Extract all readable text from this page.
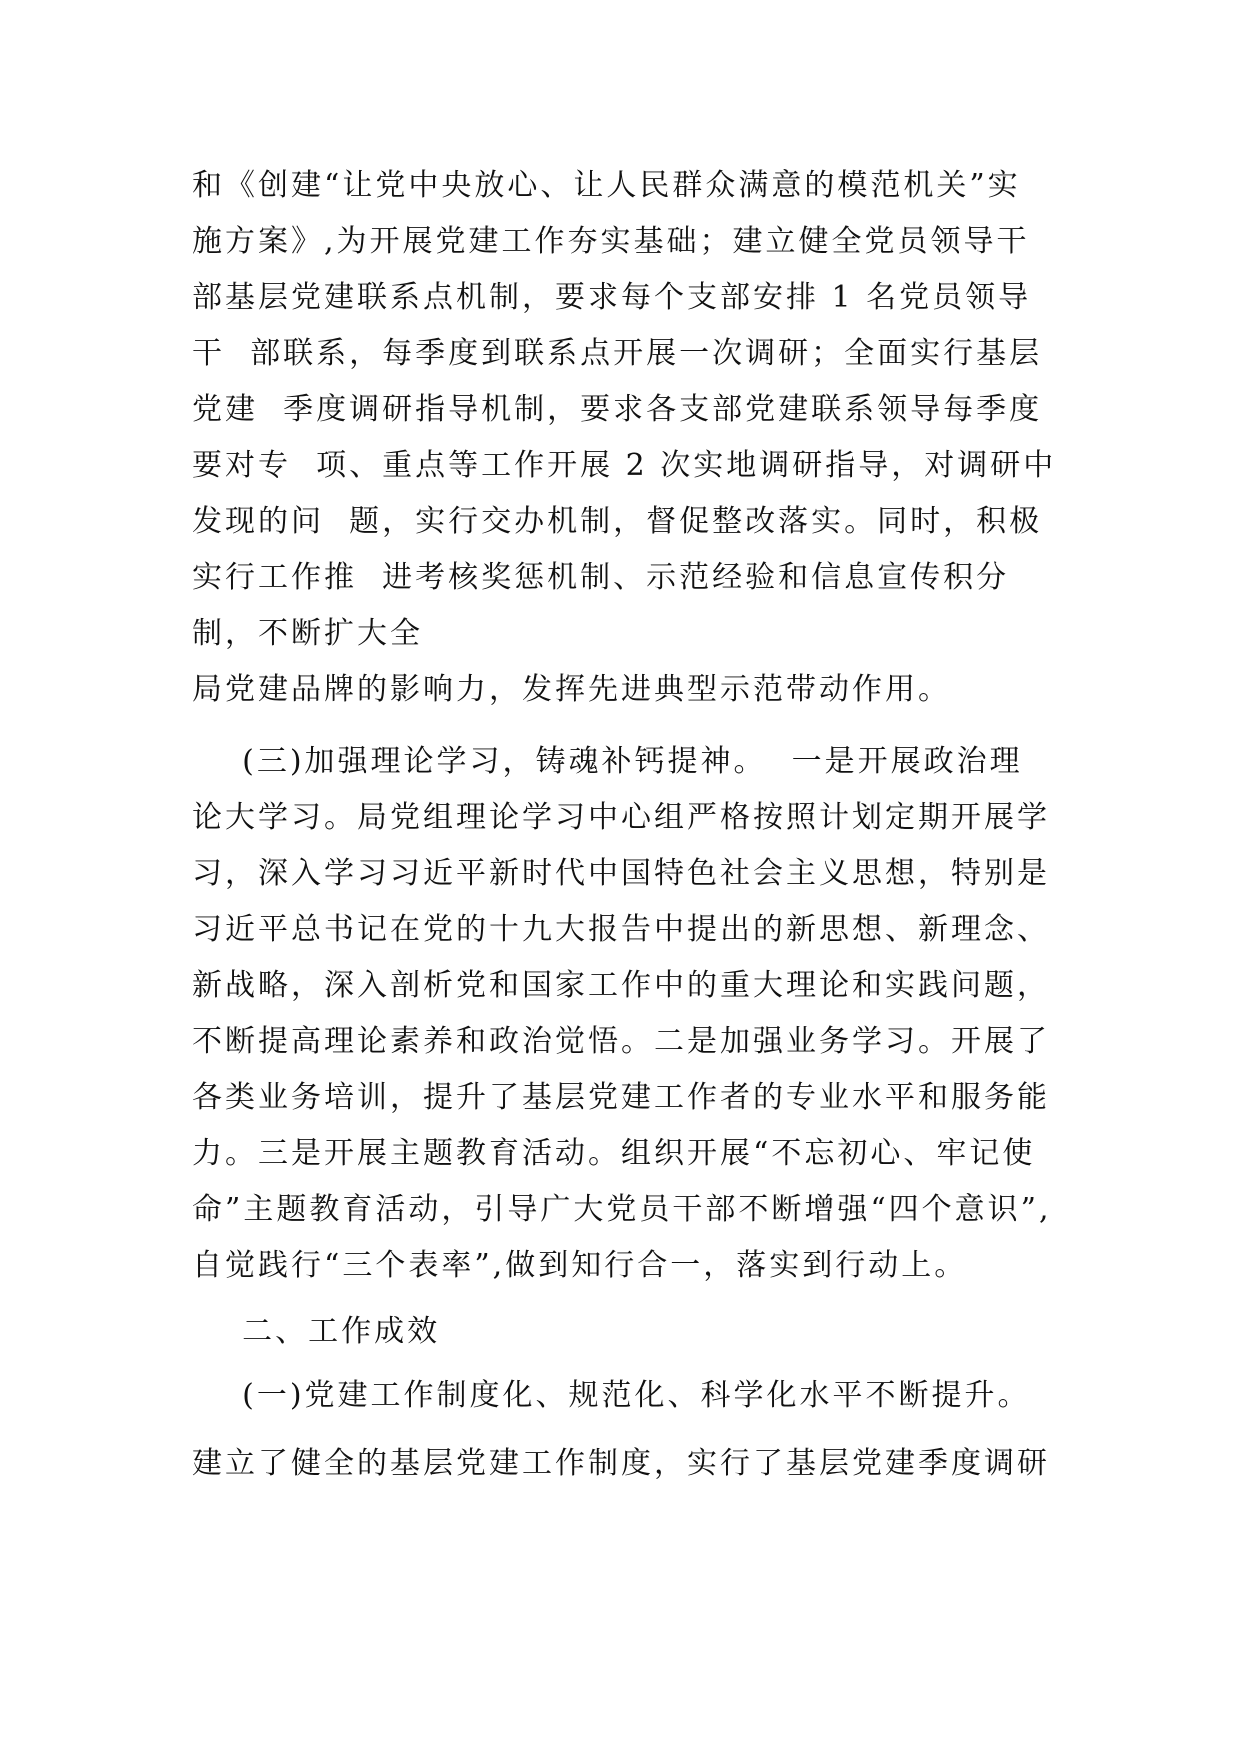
和《创建“让党中央放心、让人民群众满意的模范机关”实
施方案》,为开展党建工作夯实基础；建立健全党员领导干
部基层党建联系点机制，要求每个支部安排 1 名党员领导
干  部联系，每季度到联系点开展一次调研；全面实行基层
党建  季度调研指导机制，要求各支部党建联系领导每季度
要对专  项、重点等工作开展 2 次实地调研指导，对调研中
发现的问  题，实行交办机制，督促整改落实。同时，积极
实行工作推  进考核奖惩机制、示范经验和信息宣传积分
制，不断扩大全
局党建品牌的影响力，发挥先进典型示范带动作用。
(三)加强理论学习，铸魂补钙提神。  一是开展政治理
论大学习。局党组理论学习中心组严格按照计划定期开展学
习，深入学习习近平新时代中国特色社会主义思想，特别是
习近平总书记在党的十九大报告中提出的新思想、新理念、
新战略，深入剖析党和国家工作中的重大理论和实践问题，
不断提高理论素养和政治觉悟。二是加强业务学习。开展了
各类业务培训，提升了基层党建工作者的专业水平和服务能
力。三是开展主题教育活动。组织开展“不忘初心、牢记使
命”主题教育活动，引导广大党员干部不断增强“四个意识”,
自觉践行“三个表率”,做到知行合一，落实到行动上。
二、工作成效
(一)党建工作制度化、规范化、科学化水平不断提升。
建立了健全的基层党建工作制度，实行了基层党建季度调研
